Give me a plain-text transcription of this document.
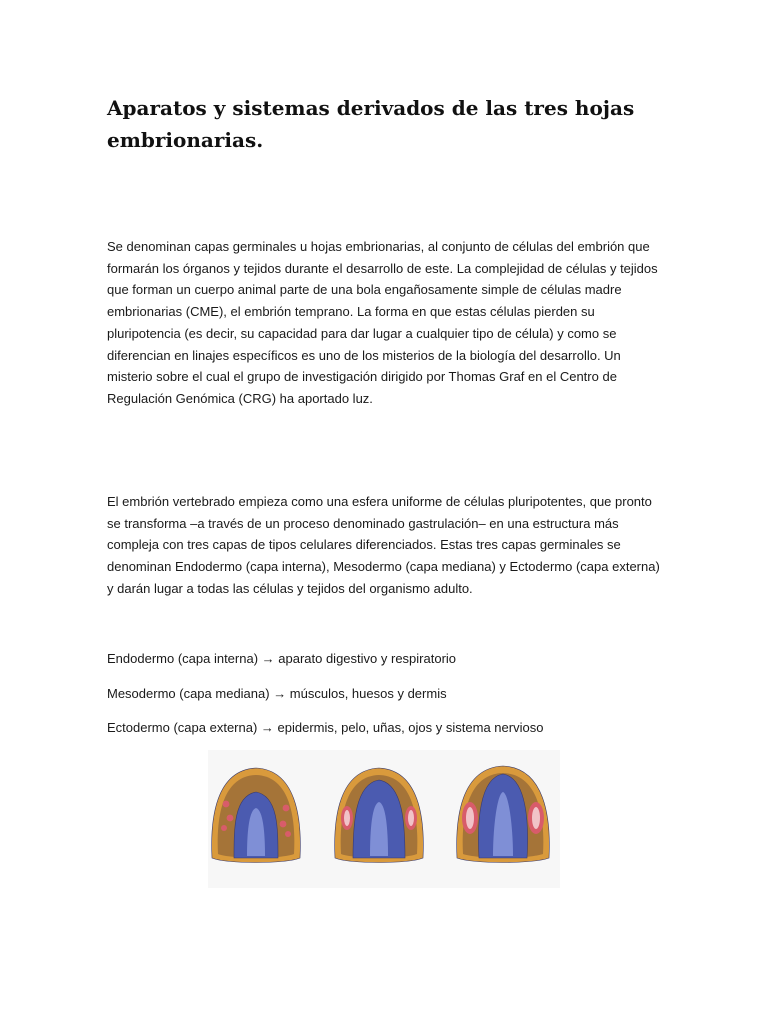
Aparatos y sistemas derivados de las tres hojas embrionarias.

Se denominan capas germinales u hojas embrionarias, al conjunto de células del embrión que formarán los órganos y tejidos durante el desarrollo de este. La complejidad de células y tejidos que forman un cuerpo animal parte de una bola engañosamente simple de células madre embrionarias (CME), el embrión temprano. La forma en que estas células pierden su pluripotencia (es decir, su capacidad para dar lugar a cualquier tipo de célula) y como se diferencian en linajes específicos es uno de los misterios de la biología del desarrollo. Un misterio sobre el cual el grupo de investigación dirigido por Thomas Graf en el Centro de Regulación Genómica (CRG) ha aportado luz.

El embrión vertebrado empieza como una esfera uniforme de células pluripotentes, que pronto se transforma –a través de un proceso denominado gastrulación– en una estructura más compleja con tres capas de tipos celulares diferenciados. Estas tres capas germinales se denominan Endodermo (capa interna), Mesodermo (capa mediana) y Ectodermo (capa externa) y darán lugar a todas las células y tejidos del organismo adulto.

Endodermo (capa interna) → aparato digestivo y respiratorio

Mesodermo (capa mediana) → músculos, huesos y dermis

Ectodermo (capa externa) → epidermis, pelo, uñas, ojos y sistema nervioso
